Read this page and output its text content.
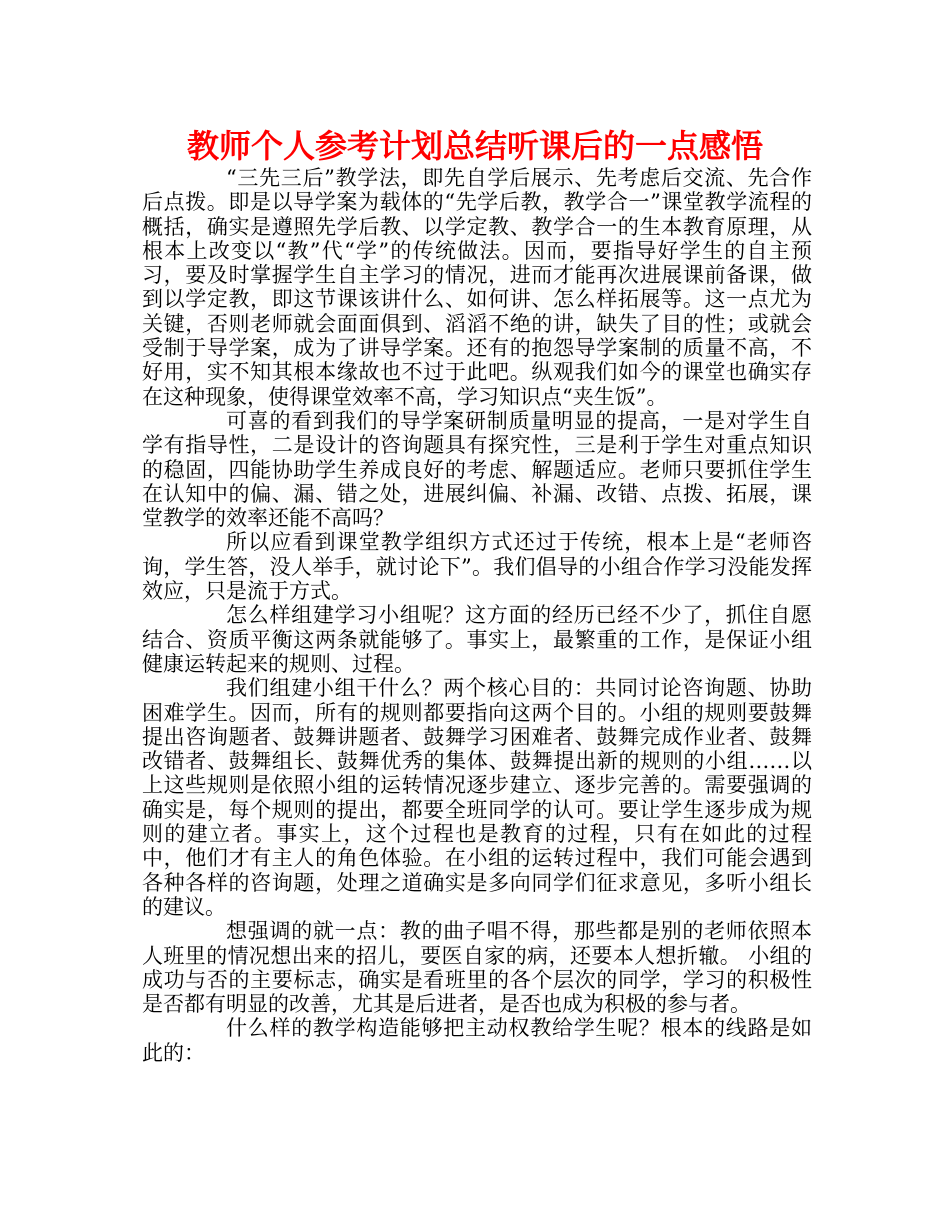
教师个人参考计划总结听课后的一点感悟

“三先三后”教学法，即先自学后展示、先考虑后交流、先合作后点拨。即是以导学案为载体的“先学后教，教学合一”课堂教学流程的概括，确实是遵照先学后教、以学定教、教学合一的生本教育原理，从根本上改变以“教”代“学”的传统做法。因而，要指导好学生的自主预习，要及时掌握学生自主学习的情况，进而才能再次进展课前备课，做到以学定教，即这节课该讲什么、如何讲、怎么样拓展等。这一点尤为关键，否则老师就会面面俱到、滔滔不绝的讲，缺失了目的性；或就会受制于导学案，成为了讲导学案。还有的抱怨导学案制的质量不高，不好用，实不知其根本缘故也不过于此吧。纵观我们如今的课堂也确实存在这种现象，使得课堂效率不高，学习知识点“夹生饭”。

可喜的看到我们的导学案研制质量明显的提高，一是对学生自学有指导性，二是设计的咨询题具有探究性，三是利于学生对重点知识的稳固，四能协助学生养成良好的考虑、解题适应。老师只要抓住学生在认知中的偏、漏、错之处，进展纠偏、补漏、改错、点拨、拓展，课堂教学的效率还能不高吗？

所以应看到课堂教学组织方式还过于传统，根本上是“老师咨询，学生答，没人举手，就讨论下”。我们倡导的小组合作学习没能发挥效应，只是流于方式。

怎么样组建学习小组呢？这方面的经历已经不少了，抓住自愿结合、资质平衡这两条就能够了。事实上，最繁重的工作，是保证小组健康运转起来的规则、过程。

我们组建小组干什么？两个核心目的：共同讨论咨询题、协助困难学生。因而，所有的规则都要指向这两个目的。小组的规则要鼓舞提出咨询题者、鼓舞讲题者、鼓舞学习困难者、鼓舞完成作业者、鼓舞改错者、鼓舞组长、鼓舞优秀的集体、鼓舞提出新的规则的小组……以上这些规则是依照小组的运转情况逐步建立、逐步完善的。需要强调的确实是，每个规则的提出，都要全班同学的认可。要让学生逐步成为规则的建立者。事实上，这个过程也是教育的过程，只有在如此的过程中，他们才有主人的角色体验。在小组的运转过程中，我们可能会遇到各种各样的咨询题，处理之道确实是多向同学们征求意见，多听小组长的建议。

想强调的就一点：教的曲子唱不得，那些都是别的老师依照本人班里的情况想出来的招儿，要医自家的病，还要本人想折辙。 小组的成功与否的主要标志，确实是看班里的各个层次的同学，学习的积极性是否都有明显的改善，尤其是后进者，是否也成为积极的参与者。

什么样的教学构造能够把主动权教给学生呢？根本的线路是如此的：
